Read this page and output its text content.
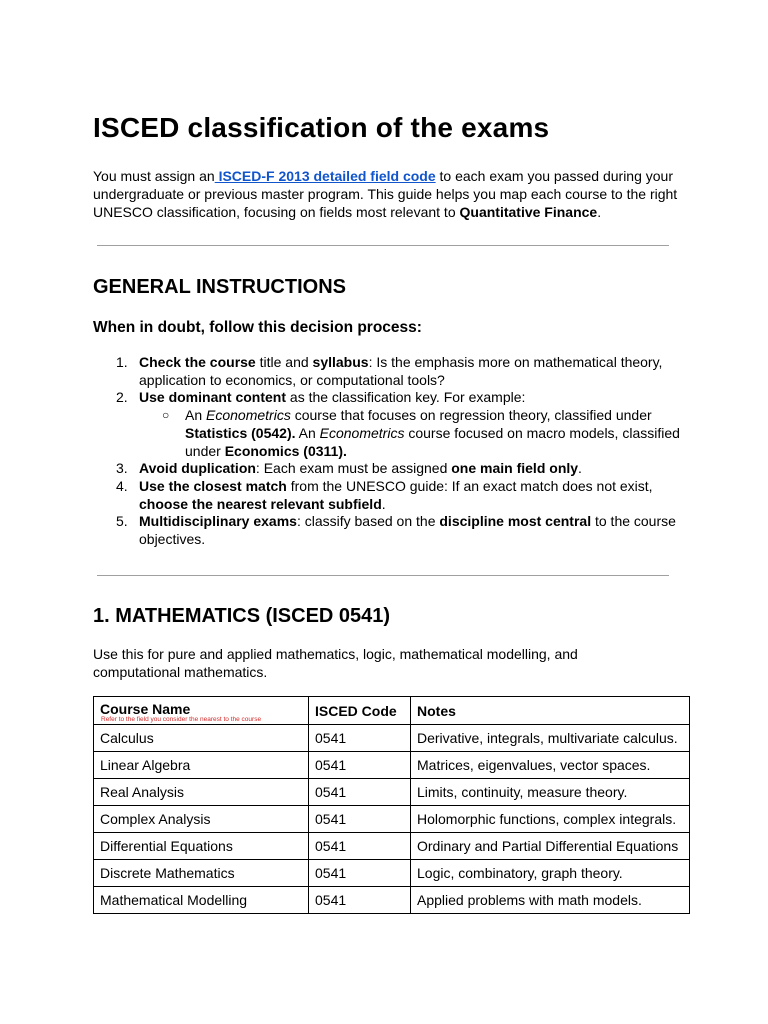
ISCED classification of the exams

You must assign an ISCED-F 2013 detailed field code to each exam you passed during your undergraduate or previous master program. This guide helps you map each course to the right UNESCO classification, focusing on fields most relevant to Quantitative Finance.

GENERAL INSTRUCTIONS
When in doubt, follow this decision process:
1. Check the course title and syllabus: Is the emphasis more on mathematical theory, application to economics, or computational tools?
2. Use dominant content as the classification key. For example:
○ An Econometrics course that focuses on regression theory, classified under Statistics (0542). An Econometrics course focused on macro models, classified under Economics (0311).
3. Avoid duplication: Each exam must be assigned one main field only.
4. Use the closest match from the UNESCO guide: If an exact match does not exist, choose the nearest relevant subfield.
5. Multidisciplinary exams: classify based on the discipline most central to the course objectives.
1. MATHEMATICS (ISCED 0541)

Use this for pure and applied mathematics, logic, mathematical modelling, and computational mathematics.

Course Name
Refer to the field you consider the nearest to the course	ISCED Code	Notes
Calculus	0541	Derivative, integrals, multivariate calculus.
Linear Algebra	0541	Matrices, eigenvalues, vector spaces.
Real Analysis	0541	Limits, continuity, measure theory.
Complex Analysis	0541	Holomorphic functions, complex integrals.
Differential Equations	0541	Ordinary and Partial Differential Equations
Discrete Mathematics	0541	Logic, combinatory, graph theory.
Mathematical Modelling	0541	Applied problems with math models.
